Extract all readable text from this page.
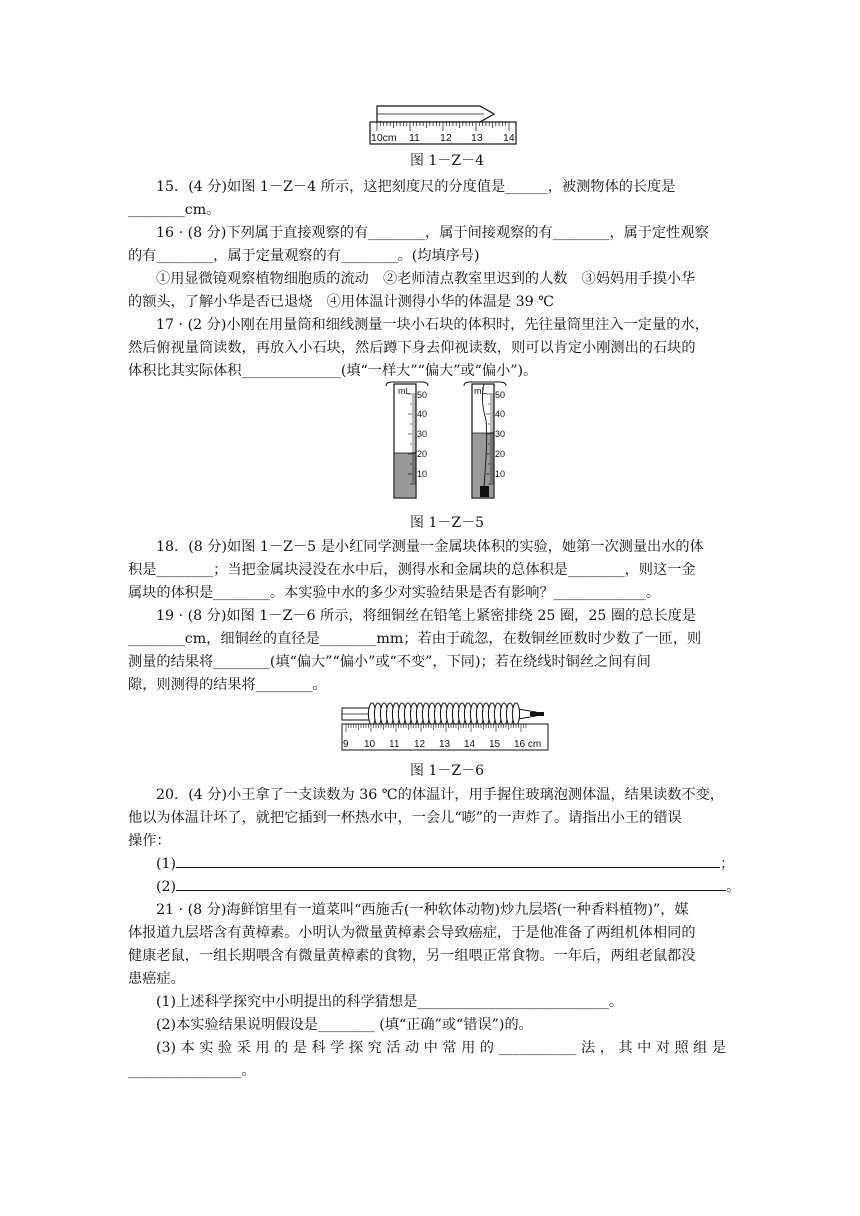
10cm 11 12 13 14
图 1－Z－4
15．(4 分)如图 1－Z－4 所示，这把刻度尺的分度值是______，被测物体的长度是
________cm。
16 · (8 分)下列属于直接观察的有________，属于间接观察的有________，属于定性观察
的有________，属于定量观察的有________。(均填序号)
①用显微镜观察植物细胞质的流动　②老师清点教室里迟到的人数　③妈妈用手摸小华
的额头，了解小华是否已退烧　④用体温计测得小华的体温是 39 ℃
17 · (2 分)小刚在用量筒和细线测量一块小石块的体积时，先往量筒里注入一定量的水，
然后俯视量筒读数，再放入小石块，然后蹲下身去仰视读数，则可以肯定小刚测出的石块的
体积比其实际体积______________(填“一样大”“偏大”或“偏小”)。
mL 50
40
30
20
10
mL 50
40
30
20
10
图 1－Z－5
18．(8 分)如图 1－Z－5 是小红同学测量一金属块体积的实验，她第一次测量出水的体
积是________；当把金属块浸没在水中后，测得水和金属块的总体积是________，则这一金
属块的体积是________。本实验中水的多少对实验结果是否有影响？_____________。
19 · (8 分)如图 1－Z－6 所示，将细铜丝在铅笔上紧密排绕 25 圈，25 圈的总长度是
________cm，细铜丝的直径是________mm；若由于疏忽，在数铜丝匝数时少数了一匝，则
测量的结果将________(填“偏大”“偏小”或“不变”，下同)；若在绕线时铜丝之间有间
隙，则测得的结果将________。
9 10 11 12 13 14 15 16 cm
图 1－Z－6
20．(4 分)小王拿了一支读数为 36 ℃的体温计，用手握住玻璃泡测体温，结果读数不变，
他以为体温计坏了，就把它插到一杯热水中，一会儿“嘭”的一声炸了。请指出小王的错误
操作：
(1)	；
(2)	。
21 · (8 分)海鲜馆里有一道菜叫“西施舌(一种软体动物)炒九层塔(一种香料植物)”，媒
体报道九层塔含有黄樟素。小明认为微量黄樟素会导致癌症，于是他准备了两组机体相同的
健康老鼠，一组长期喂含有微量黄樟素的食物，另一组喂正常食物。一年后，两组老鼠都没
患癌症。
(1)上述科学探究中小明提出的科学猜想是___________________________。
(2)本实验结果说明假设是________ (填“正确”或“错误”)的。
(3) 本 实 验 采 用 的 是 科 学 探 究 活 动 中 常 用 的 ___________ 法 ， 其 中 对 照 组 是
________________。
